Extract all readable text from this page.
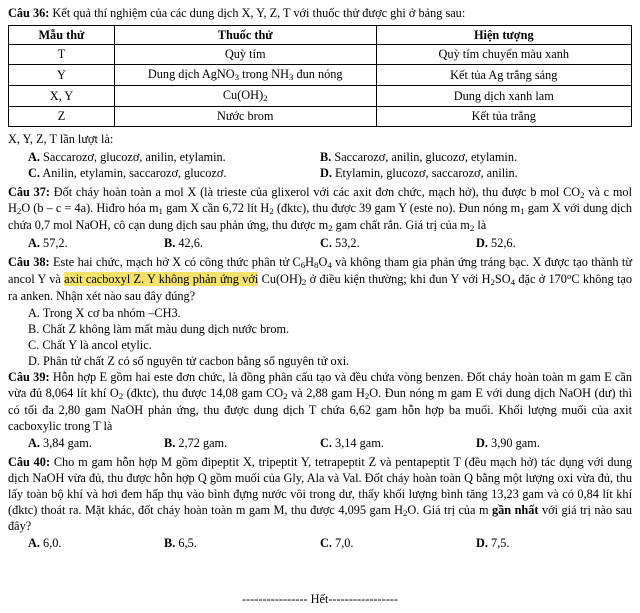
Câu 36: Kết quả thí nghiệm của các dung dịch X, Y, Z, T với thuốc thử được ghi ở bảng sau:
Mẫu thử	Thuốc thử	Hiện tượng
T	Quỳ tím	Quỳ tím chuyển màu xanh
Y	Dung dịch AgNO$_3$ trong $NH_3$ đun nóng	Kết tủa Ag trắng sáng
X, Y	$Cu(OH)_2$	Dung dịch xanh lam
Z	Nước brom	Kết tủa trắng
X, Y, Z, T lần lượt là:
A. Saccarozơ, glucozơ, anilin, etylamin.	B. Saccarozơ, anilin, glucozơ, etylamin.
C. Anilin, etylamin, saccarozơ, glucozơ.	D. Etylamin, glucozơ, saccarozơ, anilin.
Câu 37: Đốt cháy hoàn toàn a mol X (là trieste của glixerol với các axit đơn chức, mạch hở), thu được b mol $CO_2$ và c mol $H_2O$ (b – c = 4a). Hiđro hóa $m_1$ gam X cần 6,72 lít $H_2$ (đktc), thu được 39 gam Y (este no). Đun nóng $m_1$ gam X với dung dịch chứa 0,7 mol NaOH, cô cạn dung dịch sau phản ứng, thu được $m_2$ gam chất rắn. Giá trị của $m_2$ là
A. 57,2.	B. 42,6.	C. 53,2.	D. 52,6.
Câu 38: Este hai chức, mạch hở X có công thức phân tử $C_6H_8O_4$ và không tham gia phản ứng tráng bạc. X được tạo thành từ ancol Y và axit cacboxyl Z. Y không phản ứng với $Cu(OH)_2$ ở điều kiện thường; khi đun Y với $H_2SO_4$ đặc ở 170$^o$C không tạo ra anken. Nhận xét nào sau đây đúng?
A. Trong X cơ ba nhóm –CH3.
B. Chất Z không làm mất màu dung dịch nước brom.
C. Chất Y là ancol etylic.
D. Phân tử chất Z có số nguyên tử cacbon bằng số nguyên tử oxi.
Câu 39: Hỗn hợp E gồm hai este đơn chức, là đồng phân cấu tạo và đều chứa vòng benzen. Đốt cháy hoàn toàn m gam E cần vừa đủ 8,064 lít khí $O_2$ (đktc), thu được 14,08 gam $CO_2$ và 2,88 gam $H_2O$. Đun nóng m gam E với dung dịch NaOH (dư) thì có tối đa 2,80 gam NaOH phản ứng, thu được dung dịch T chứa 6,62 gam hỗn hợp ba muối. Khối lượng muối của axit cacboxylic trong T là
A. 3,84 gam.	B. 2,72 gam.	C. 3,14 gam.	D. 3,90 gam.
Câu 40: Cho m gam hỗn hợp M gồm đipeptit X, tripeptit Y, tetrapeptit Z và pentapeptit T (đều mạch hở) tác dụng với dung dịch NaOH vừa đủ, thu được hỗn hợp Q gồm muối của Gly, Ala và Val. Đốt cháy hoàn toàn Q bằng một lượng oxi vừa đủ, thu lấy toàn bộ khí và hơi đem hấp thụ vào bình đựng nước vôi trong dư, thấy khối lượng bình tăng 13,23 gam và có 0,84 lít khí (đktc) thoát ra. Mặt khác, đốt cháy hoàn toàn m gam M, thu được 4,095 gam $H_2O$. Giá trị của m gần nhất với giá trị nào sau đây?
A. 6,0.	B. 6,5.	C. 7,0.	D. 7,5.
---------------- Hết-----------------
